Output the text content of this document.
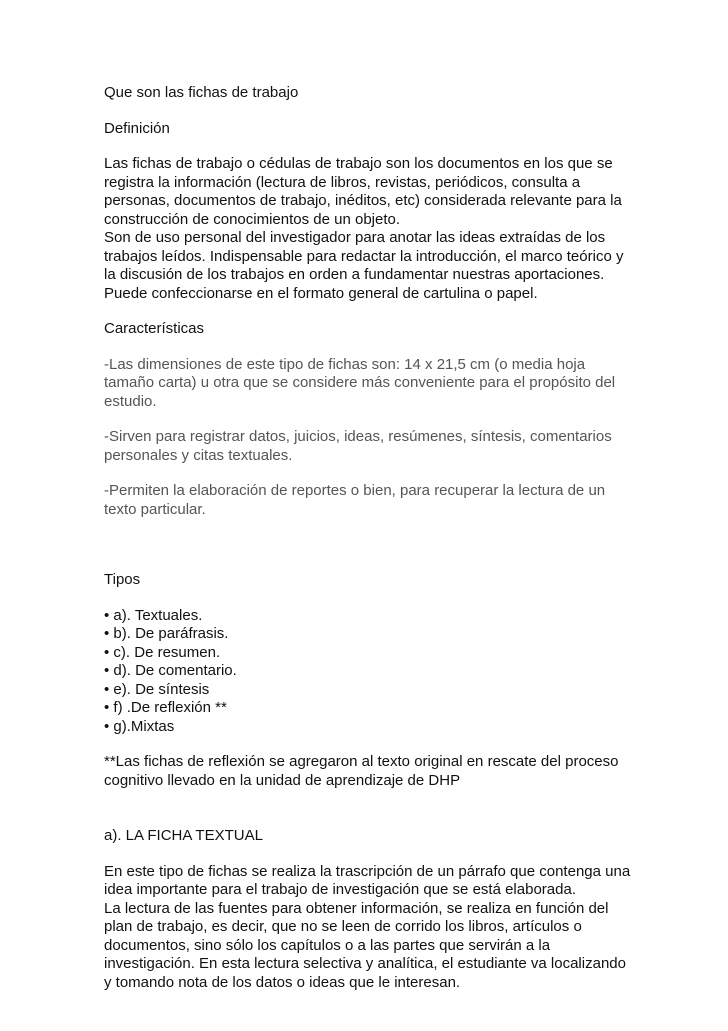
Que son las fichas de trabajo
Definición
Las fichas de trabajo o cédulas de trabajo son los documentos en los que se
registra la información (lectura de libros, revistas, periódicos, consulta a
personas, documentos de trabajo, inéditos, etc) considerada relevante para la
construcción de conocimientos de un objeto.
Son de uso personal del investigador para anotar las ideas extraídas de los
trabajos leídos. Indispensable para redactar la introducción, el marco teórico y
la discusión de los trabajos en orden a fundamentar nuestras aportaciones.
Puede confeccionarse en el formato general de cartulina o papel.
Características
-Las dimensiones de este tipo de fichas son: 14 x 21,5 cm (o media hoja
tamaño carta) u otra que se considere más conveniente para el propósito del
estudio.
-Sirven para registrar datos, juicios, ideas, resúmenes, síntesis, comentarios
personales y citas textuales.
-Permiten la elaboración de reportes o bien, para recuperar la lectura de un
texto particular.
Tipos
• a). Textuales.
• b). De paráfrasis.
• c). De resumen.
• d). De comentario.
• e). De síntesis
• f) .De reflexión **
• g).Mixtas
**Las fichas de reflexión se agregaron al texto original en rescate del proceso
cognitivo llevado en la unidad de aprendizaje de DHP
a). LA FICHA TEXTUAL
En este tipo de fichas se realiza la trascripción de un párrafo que contenga una
idea importante para el trabajo de investigación que se está elaborada.
La lectura de las fuentes para obtener información, se realiza en función del
plan de trabajo, es decir, que no se leen de corrido los libros, artículos o
documentos, sino sólo los capítulos o a las partes que servirán a la
investigación. En esta lectura selectiva y analítica, el estudiante va localizando
y tomando nota de los datos o ideas que le interesan.
